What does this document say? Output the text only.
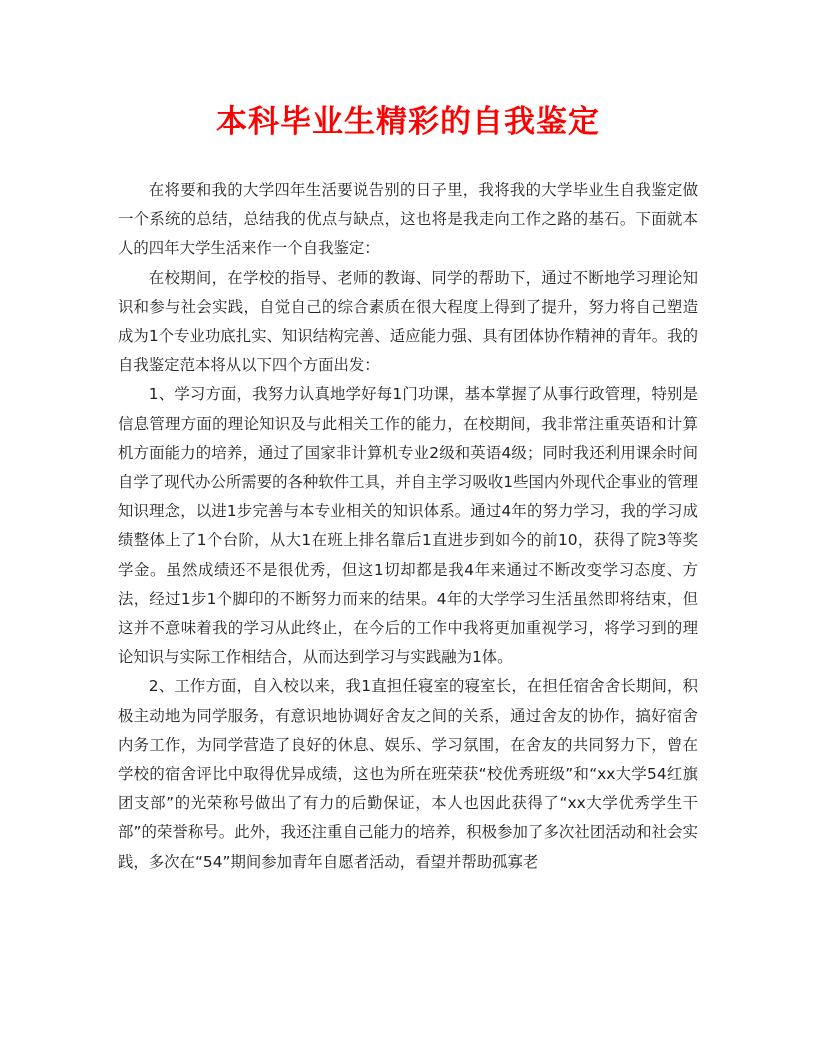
本科毕业生精彩的自我鉴定

在将要和我的大学四年生活要说告别的日子里，我将我的大学毕业生自我鉴定做一个系统的总结，总结我的优点与缺点，这也将是我走向工作之路的基石。下面就本人的四年大学生活来作一个自我鉴定：

在校期间，在学校的指导、老师的教诲、同学的帮助下，通过不断地学习理论知识和参与社会实践，自觉自己的综合素质在很大程度上得到了提升，努力将自己塑造成为1个专业功底扎实、知识结构完善、适应能力强、具有团体协作精神的青年。我的自我鉴定范本将从以下四个方面出发：

1、学习方面，我努力认真地学好每1门功课，基本掌握了从事行政管理，特别是信息管理方面的理论知识及与此相关工作的能力，在校期间，我非常注重英语和计算机方面能力的培养，通过了国家非计算机专业2级和英语4级；同时我还利用课余时间自学了现代办公所需要的各种软件工具，并自主学习吸收1些国内外现代企事业的管理知识理念，以进1步完善与本专业相关的知识体系。通过4年的努力学习，我的学习成绩整体上了1个台阶，从大1在班上排名靠后1直进步到如今的前10，获得了院3等奖学金。虽然成绩还不是很优秀，但这1切却都是我4年来通过不断改变学习态度、方法，经过1步1个脚印的不断努力而来的结果。4年的大学学习生活虽然即将结束，但这并不意味着我的学习从此终止，在今后的工作中我将更加重视学习，将学习到的理论知识与实际工作相结合，从而达到学习与实践融为1体。

2、工作方面，自入校以来，我1直担任寝室的寝室长，在担任宿舍舍长期间，积极主动地为同学服务，有意识地协调好舍友之间的关系，通过舍友的协作，搞好宿舍内务工作，为同学营造了良好的休息、娱乐、学习氛围，在舍友的共同努力下，曾在学校的宿舍评比中取得优异成绩，这也为所在班荣获“校优秀班级”和“xx大学54红旗团支部”的光荣称号做出了有力的后勤保证，本人也因此获得了“xx大学优秀学生干部”的荣誉称号。此外，我还注重自己能力的培养，积极参加了多次社团活动和社会实践，多次在“54”期间参加青年自愿者活动，看望并帮助孤寡老
